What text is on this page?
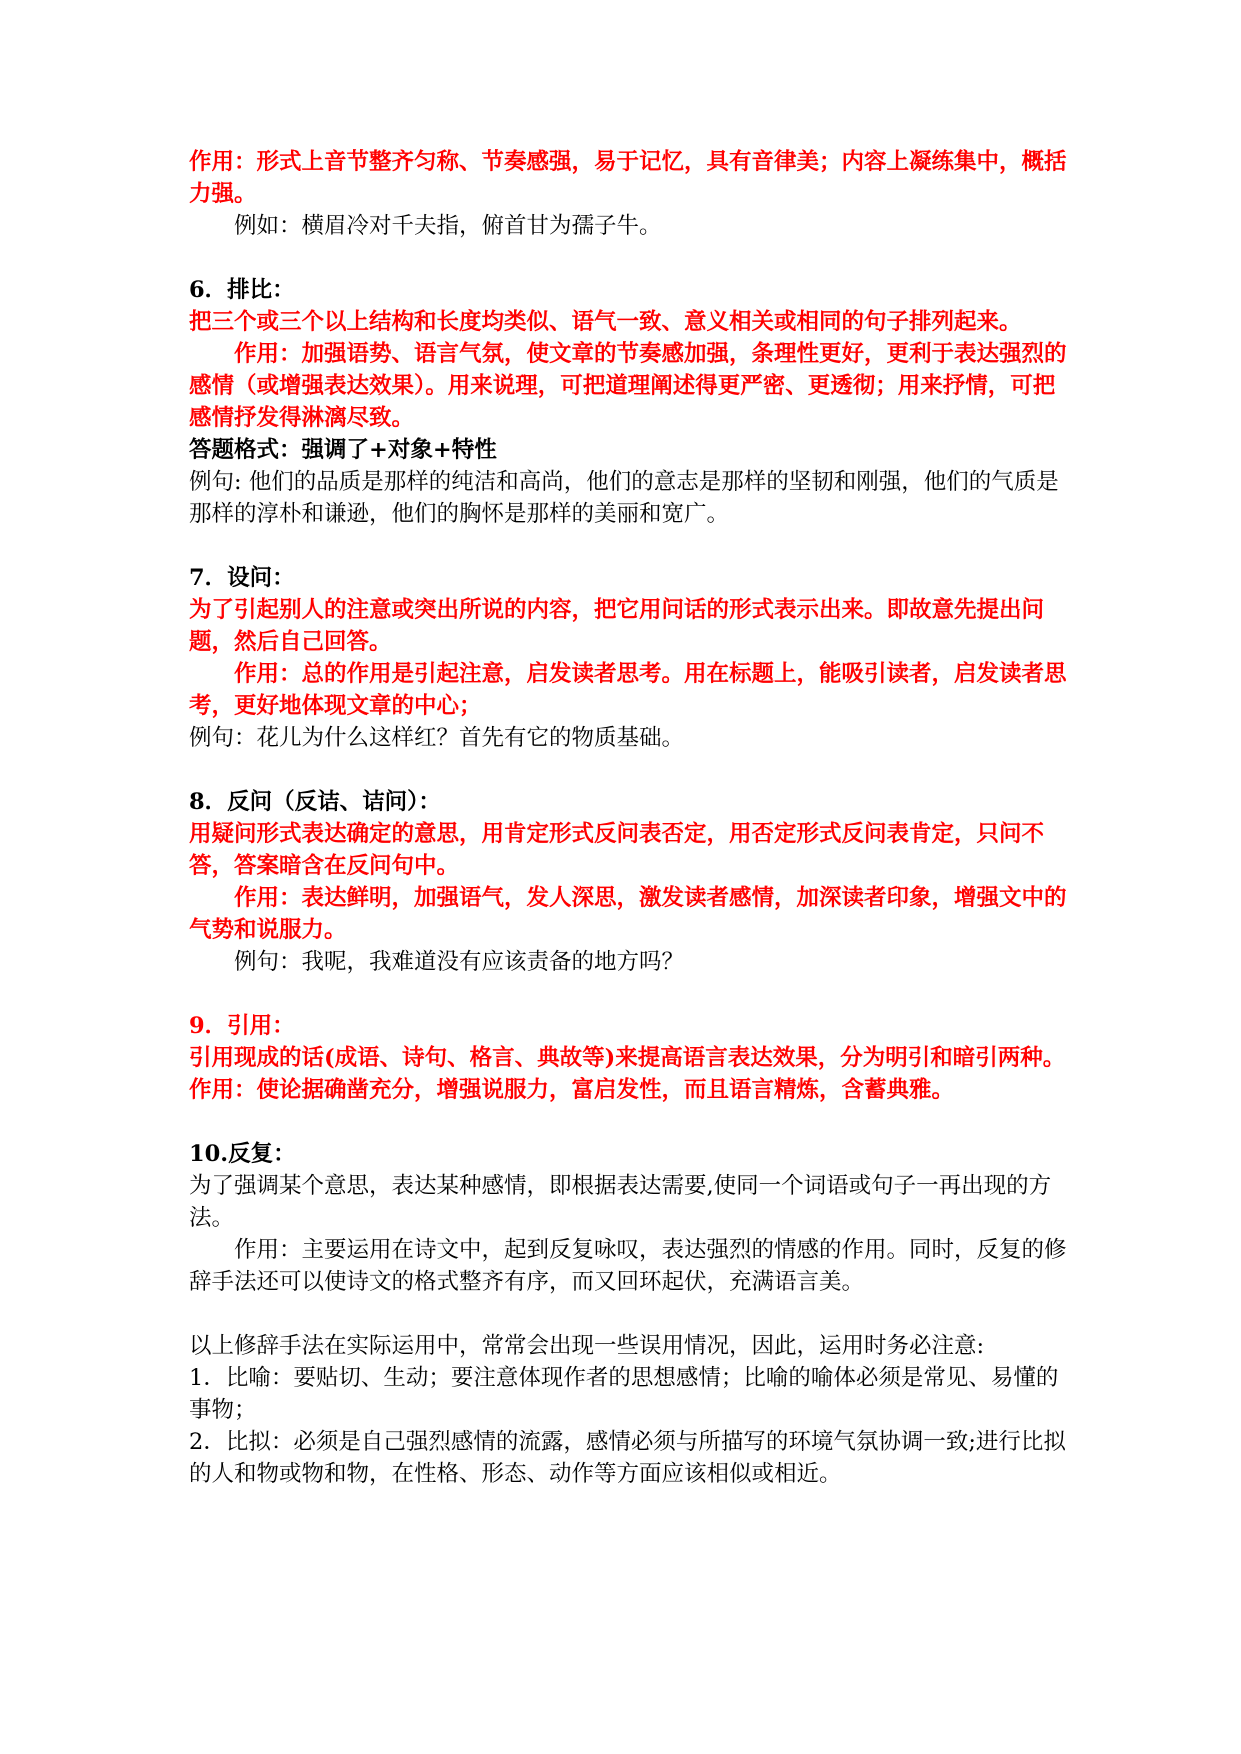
作用：形式上音节整齐匀称、节奏感强，易于记忆，具有音律美；内容上凝练集中，概括力强。

例如：横眉冷对千夫指，俯首甘为孺子牛。

6．排比：

把三个或三个以上结构和长度均类似、语气一致、意义相关或相同的句子排列起来。

作用：加强语势、语言气氛，使文章的节奏感加强，条理性更好，更利于表达强烈的感情（或增强表达效果）。用来说理，可把道理阐述得更严密、更透彻；用来抒情，可把感情抒发得淋漓尽致。

答题格式：强调了+对象+特性

例句: 他们的品质是那样的纯洁和高尚，他们的意志是那样的坚韧和刚强，他们的气质是那样的淳朴和谦逊，他们的胸怀是那样的美丽和宽广。

7．设问：

为了引起别人的注意或突出所说的内容，把它用问话的形式表示出来。即故意先提出问题，然后自己回答。

作用：总的作用是引起注意，启发读者思考。用在标题上，能吸引读者，启发读者思考，更好地体现文章的中心；

例句：花儿为什么这样红？首先有它的物质基础。

8．反问（反诘、诘问）：

用疑问形式表达确定的意思，用肯定形式反问表否定，用否定形式反问表肯定，只问不答，答案暗含在反问句中。

作用：表达鲜明，加强语气，发人深思，激发读者感情，加深读者印象，增强文中的气势和说服力。

例句：我呢，我难道没有应该责备的地方吗？

9．引用：

引用现成的话(成语、诗句、格言、典故等)来提高语言表达效果，分为明引和暗引两种。

作用：使论据确凿充分，增强说服力，富启发性，而且语言精炼，含蓄典雅。

10.反复：

为了强调某个意思，表达某种感情，即根据表达需要,使同一个词语或句子一再出现的方法。

作用：主要运用在诗文中，起到反复咏叹，表达强烈的情感的作用。同时，反复的修辞手法还可以使诗文的格式整齐有序，而又回环起伏，充满语言美。

以上修辞手法在实际运用中，常常会出现一些误用情况，因此，运用时务必注意:

1．比喻：要贴切、生动；要注意体现作者的思想感情；比喻的喻体必须是常见、易懂的事物；

2．比拟：必须是自己强烈感情的流露，感情必须与所描写的环境气氛协调一致;进行比拟的人和物或物和物，在性格、形态、动作等方面应该相似或相近。
